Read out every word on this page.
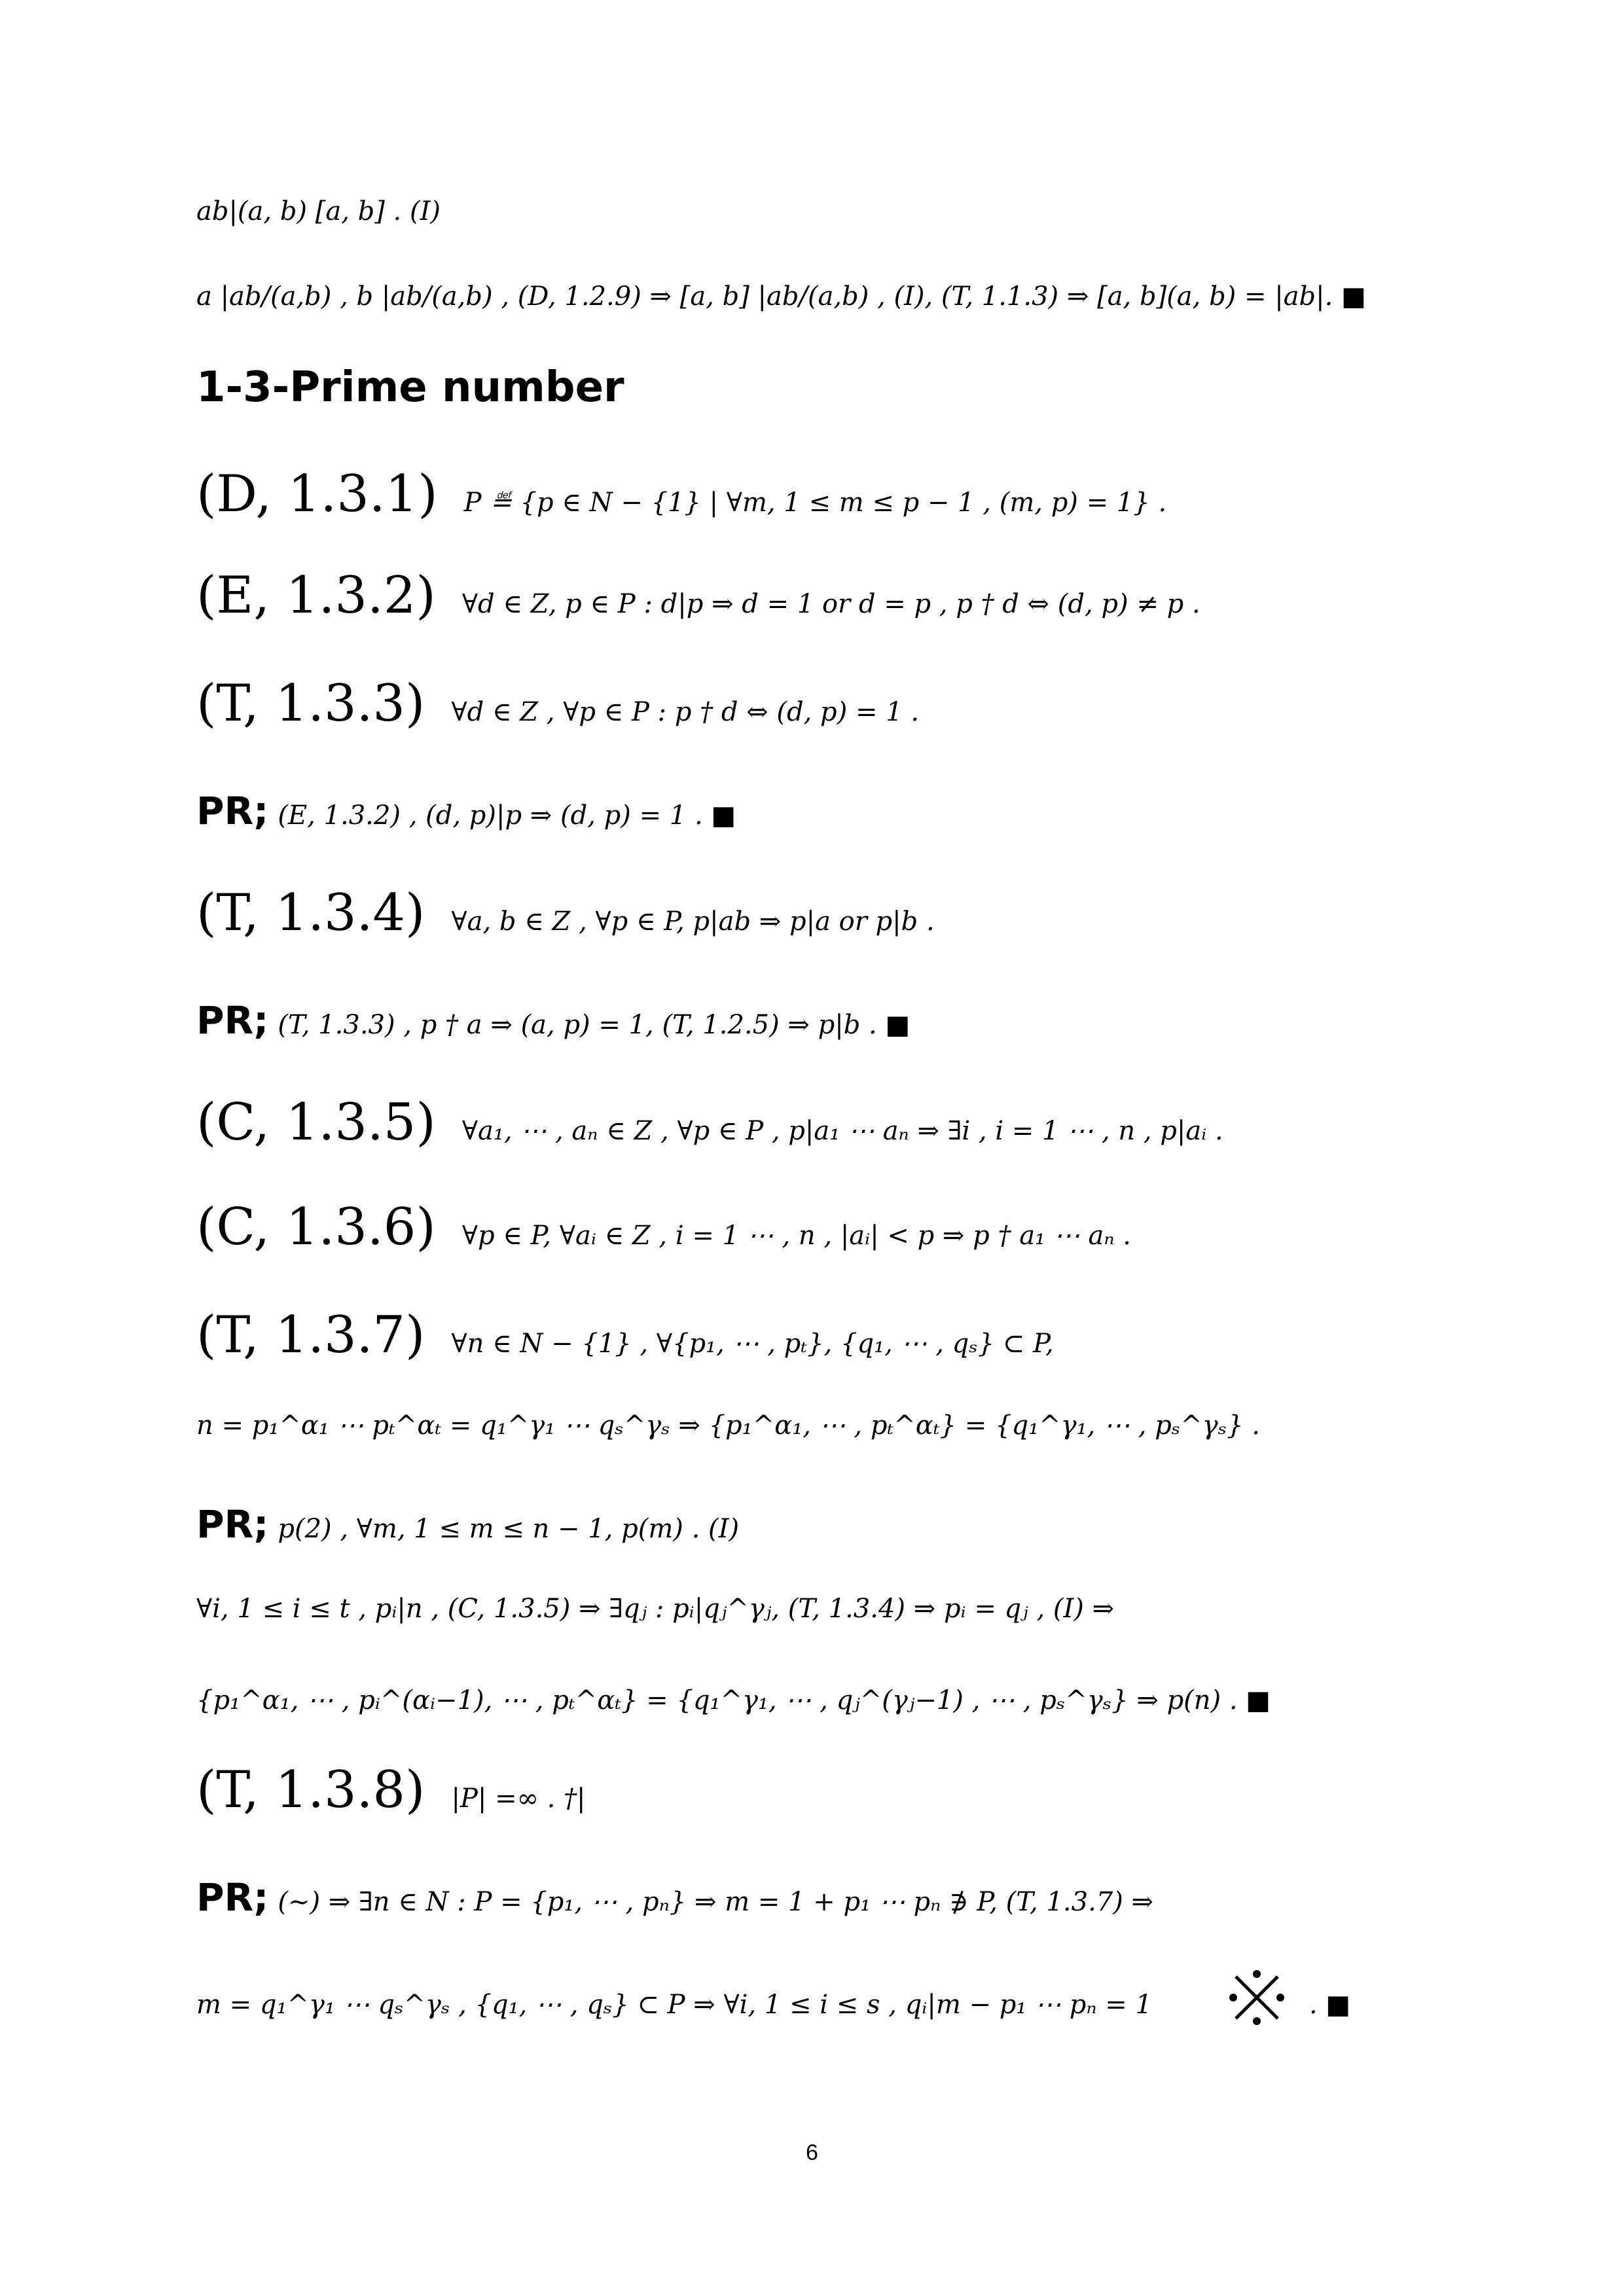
ab|(a, b) [a, b] . (I)
a |ab/(a,b) , b |ab/(a,b) , (D, 1.2.9) ⇒ [a, b] |ab/(a,b) , (I), (T, 1.1.3) ⇒ [a, b](a, b) = |ab|. ■
1-3-Prime number
(D, 1.3.1) P ≝ {p ∈ N − {1} | ∀m, 1 ≤ m ≤ p − 1 , (m, p) = 1} .
(E, 1.3.2) ∀d ∈ Z, p ∈ P : d|p ⇒ d = 1 or d = p , p † d ⇔ (d, p) ≠ p .
(T, 1.3.3) ∀d ∈ Z , ∀p ∈ P : p † d ⇔ (d, p) = 1 .
PR; (E, 1.3.2) , (d, p)|p ⇒ (d, p) = 1 . ■
(T, 1.3.4) ∀a, b ∈ Z , ∀p ∈ P, p|ab ⇒ p|a or p|b .
PR; (T, 1.3.3) , p † a ⇒ (a, p) = 1, (T, 1.2.5) ⇒ p|b . ■
(C, 1.3.5) ∀a₁, ⋯ , aₙ ∈ Z , ∀p ∈ P , p|a₁ ⋯ aₙ ⇒ ∃i , i = 1 ⋯ , n , p|aᵢ .
(C, 1.3.6) ∀p ∈ P, ∀aᵢ ∈ Z , i = 1 ⋯ , n , |aᵢ| < p ⇒ p † a₁ ⋯ aₙ .
(T, 1.3.7) ∀n ∈ N − {1} , ∀{p₁, ⋯ , pₜ}, {q₁, ⋯ , qₛ} ⊂ P,
n = p₁^α₁ ⋯ pₜ^αₜ = q₁^γ₁ ⋯ qₛ^γₛ ⇒ {p₁^α₁, ⋯ , pₜ^αₜ} = {q₁^γ₁, ⋯ , pₛ^γₛ} .
PR; p(2) , ∀m, 1 ≤ m ≤ n − 1, p(m) . (I)
∀i, 1 ≤ i ≤ t , pᵢ|n , (C, 1.3.5) ⇒ ∃qⱼ : pᵢ|qⱼ^γⱼ, (T, 1.3.4) ⇒ pᵢ = qⱼ , (I) ⇒
{p₁^α₁, ⋯ , pᵢ^(αᵢ−1), ⋯ , pₜ^αₜ} = {q₁^γ₁, ⋯ , qⱼ^(γⱼ−1) , ⋯ , pₛ^γₛ} ⇒ p(n) . ■
(T, 1.3.8) |P| =∞ . †|
PR; (~) ⇒ ∃n ∈ N : P = {p₁, ⋯ , pₙ} ⇒ m = 1 + p₁ ⋯ pₙ ∌ P, (T, 1.3.7) ⇒
m = q₁^γ₁ ⋯ qₛ^γₛ , {q₁, ⋯ , qₛ} ⊂ P ⇒ ∀i, 1 ≤ i ≤ s , qᵢ|m − p₁ ⋯ pₙ = 1	. ■
6
